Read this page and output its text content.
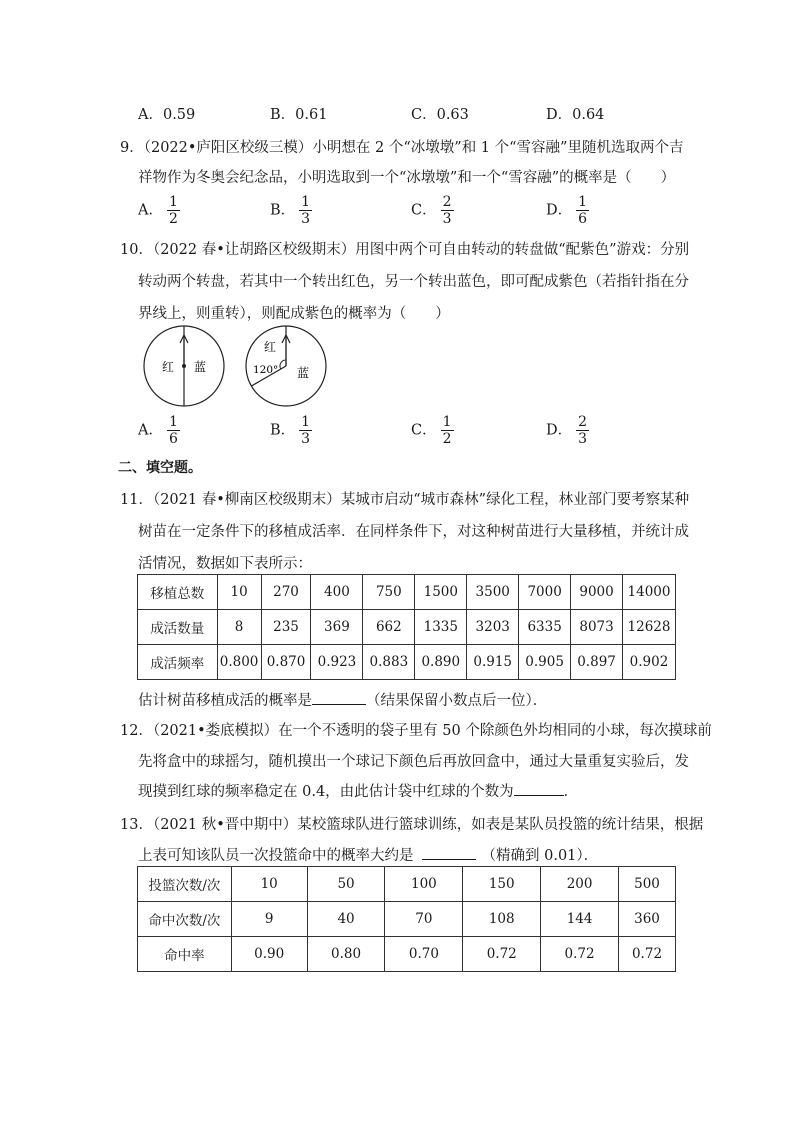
A．0.59	B．0.61	C．0.63	D．0.64
9．（2022•庐阳区校级三模）小明想在 2 个“冰墩墩”和 1 个“雪容融”里随机选取两个吉
祥物作为冬奥会纪念品，小明选取到一个“冰墩墩”和一个“雪容融”的概率是（　　）
A． $\frac{1}{2}$	B． $\frac{1}{3}$	C． $\frac{2}{3}$	D． $\frac{1}{6}$
10．（2022 春•让胡路区校级期末）用图中两个可自由转动的转盘做“配紫色”游戏：分别
转动两个转盘，若其中一个转出红色，另一个转出蓝色，即可配成紫色（若指针指在分
界线上，则重转），则配成紫色的概率为（　　）
红 蓝
红
120° 蓝
A． $\frac{1}{6}$	B． $\frac{1}{3}$	C． $\frac{1}{2}$	D． $\frac{2}{3}$
二、填空题。
11．（2021 春•柳南区校级期末）某城市启动“城市森林”绿化工程，林业部门要考察某种
树苗在一定条件下的移植成活率．在同样条件下，对这种树苗进行大量移植，并统计成
活情况，数据如下表所示：
移植总数	10	270	400	750	1500	3500	7000	9000	14000
成活数量	8	235	369	662	1335	3203	6335	8073	12628
成活频率	0.800	0.870	0.923	0.883	0.890	0.915	0.905	0.897	0.902
估计树苗移植成活的概率是	（结果保留小数点后一位）．
12．（2021•娄底模拟）在一个不透明的袋子里有 50 个除颜色外均相同的小球，每次摸球前
先将盒中的球摇匀，随机摸出一个球记下颜色后再放回盒中，通过大量重复实验后，发
现摸到红球的频率稳定在 0.4，由此估计袋中红球的个数为	．
13．（2021 秋•晋中期中）某校篮球队进行篮球训练，如表是某队员投篮的统计结果，根据
上表可知该队员一次投篮命中的概率大约是	（精确到 0.01）．
投篮次数/次	10	50	100	150	200	500
命中次数/次	9	40	70	108	144	360
命中率	0.90	0.80	0.70	0.72	0.72	0.72
